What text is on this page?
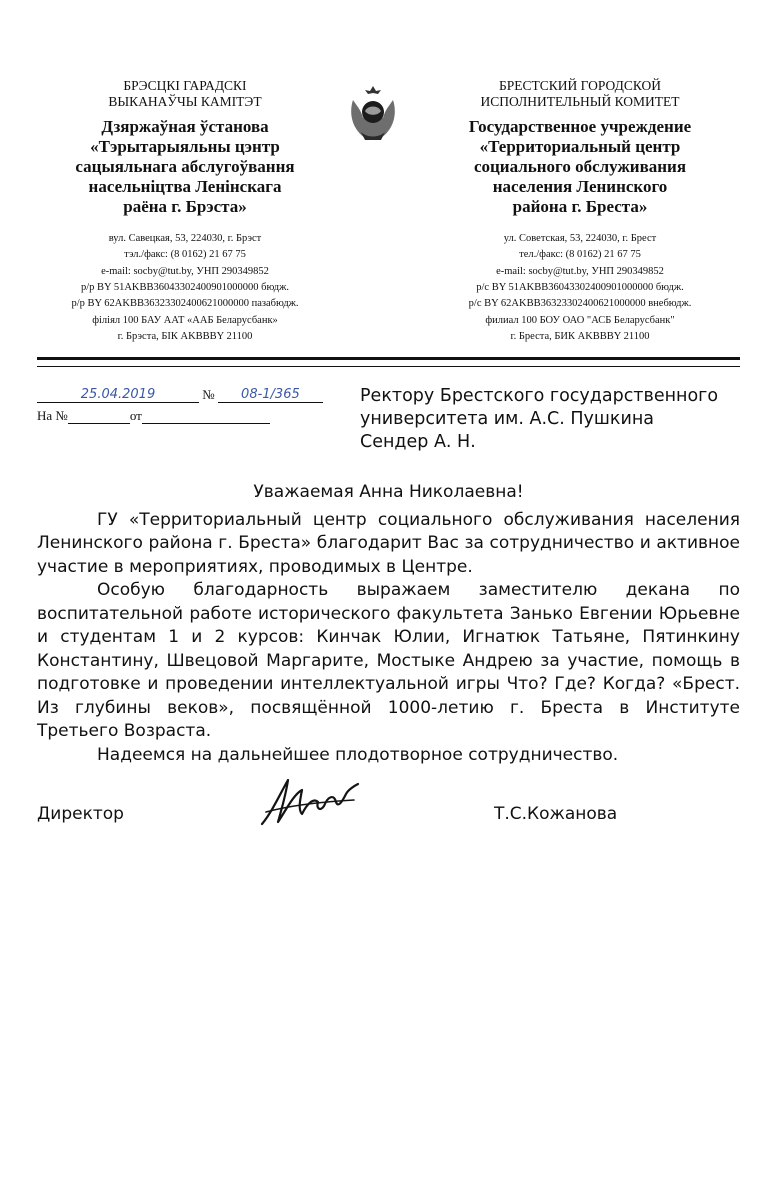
БРЭСЦКІ ГАРАДСКІ
ВЫКАНАЎЧЫ КАМІТЭТ
Дзяржаўная ўстанова
«Тэрытарыяльны цэнтр
сацыяльнага абслугоўвання
насельніцтва Ленінскага
раёна г. Брэста»
вул. Савецкая, 53, 224030, г. Брэст
тэл./факс: (8 0162) 21 67 75
e-mail: socby@tut.by, УНП 290349852
р/р BY 51AKBB36043302400901000000 бюдж.
р/р BY 62AKBB36323302400621000000 пазабюдж.
філіял 100 БАУ ААТ «ААБ Беларусбанк»
г. Брэста, БІК AKBBBY 21100
БРЕСТСКИЙ ГОРОДСКОЙ
ИСПОЛНИТЕЛЬНЫЙ КОМИТЕТ
Государственное учреждение
«Территориальный центр
социального обслуживания
населения Ленинского
района г. Бреста»
ул. Советская, 53, 224030, г. Брест
тел./факс: (8 0162) 21 67 75
e-mail: socby@tut.by, УНП 290349852
р/с BY 51AKBB36043302400901000000 бюдж.
р/с BY 62AKBB36323302400621000000 внебюдж.
филиал 100 БОУ ОАО "АСБ Беларусбанк"
г. Бреста, БИК AKBBBY 21100
25.04.2019	№ 08-1/365
На №	от
Ректору Брестского государственного
университета им. А.С. Пушкина
Сендер А. Н.
Уважаемая Анна Николаевна!

ГУ «Территориальный центр социального обслуживания населения Ленинского района г. Бреста» благодарит Вас за сотрудничество и активное участие в мероприятиях, проводимых в Центре.

Особую благодарность выражаем заместителю декана по воспитательной работе исторического факультета Занько Евгении Юрьевне и студентам 1 и 2 курсов: Кинчак Юлии, Игнатюк Татьяне, Пятинкину Константину, Швецовой Маргарите, Мостыке Андрею за участие, помощь в подготовке и проведении интеллектуальной игры Что? Где? Когда? «Брест. Из глубины веков», посвящённой 1000-летию г. Бреста в Институте Третьего Возраста.

Надеемся на дальнейшее плодотворное сотрудничество.

Директор	Т.С.Кожанова
